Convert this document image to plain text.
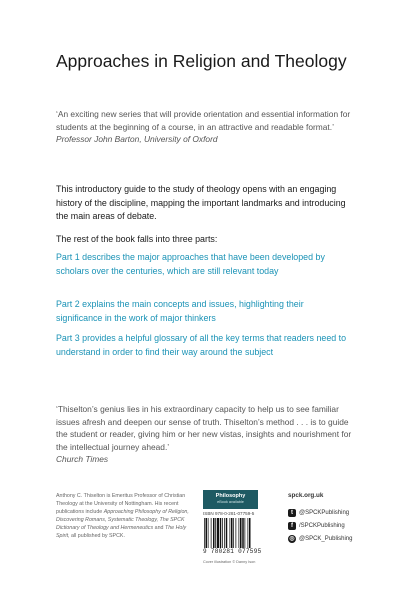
Approaches in Religion and Theology
‘An exciting new series that will provide orientation and essential information for students at the beginning of a course, in an attractive and readable format.’
Professor John Barton, University of Oxford
This introductory guide to the study of theology opens with an engaging history of the discipline, mapping the important landmarks and introducing the main areas of debate.
The rest of the book falls into three parts:
Part 1 describes the major approaches that have been developed by scholars over the centuries, which are still relevant today
Part 2 explains the main concepts and issues, highlighting their significance in the work of major thinkers
Part 3 provides a helpful glossary of all the key terms that readers need to understand in order to find their way around the subject
‘Thiselton’s genius lies in his extraordinary capacity to help us to see familiar issues afresh and deepen our sense of truth. Thiselton’s method . . . is to guide the student or reader, giving him or her new vistas, insights and nourishment for the intellectual journey ahead.’
Church Times
Anthony C. Thiselton is Emeritus Professor of Christian Theology at the University of Nottingham. His recent publications include Approaching Philosophy of Religion, Discovering Romans, Systematic Theology, The SPCK Dictionary of Theology and Hermeneutics and The Holy Spirit, all published by SPCK.
Philosophy
eBook available
ISBN 978-0-281-07759-5
9 780281 077595
Cover illustration © Danny Ison
spck.org.uk
t	@SPCKPublishing
f	/SPCKPublishing
◎ @SPCK_Publishing
